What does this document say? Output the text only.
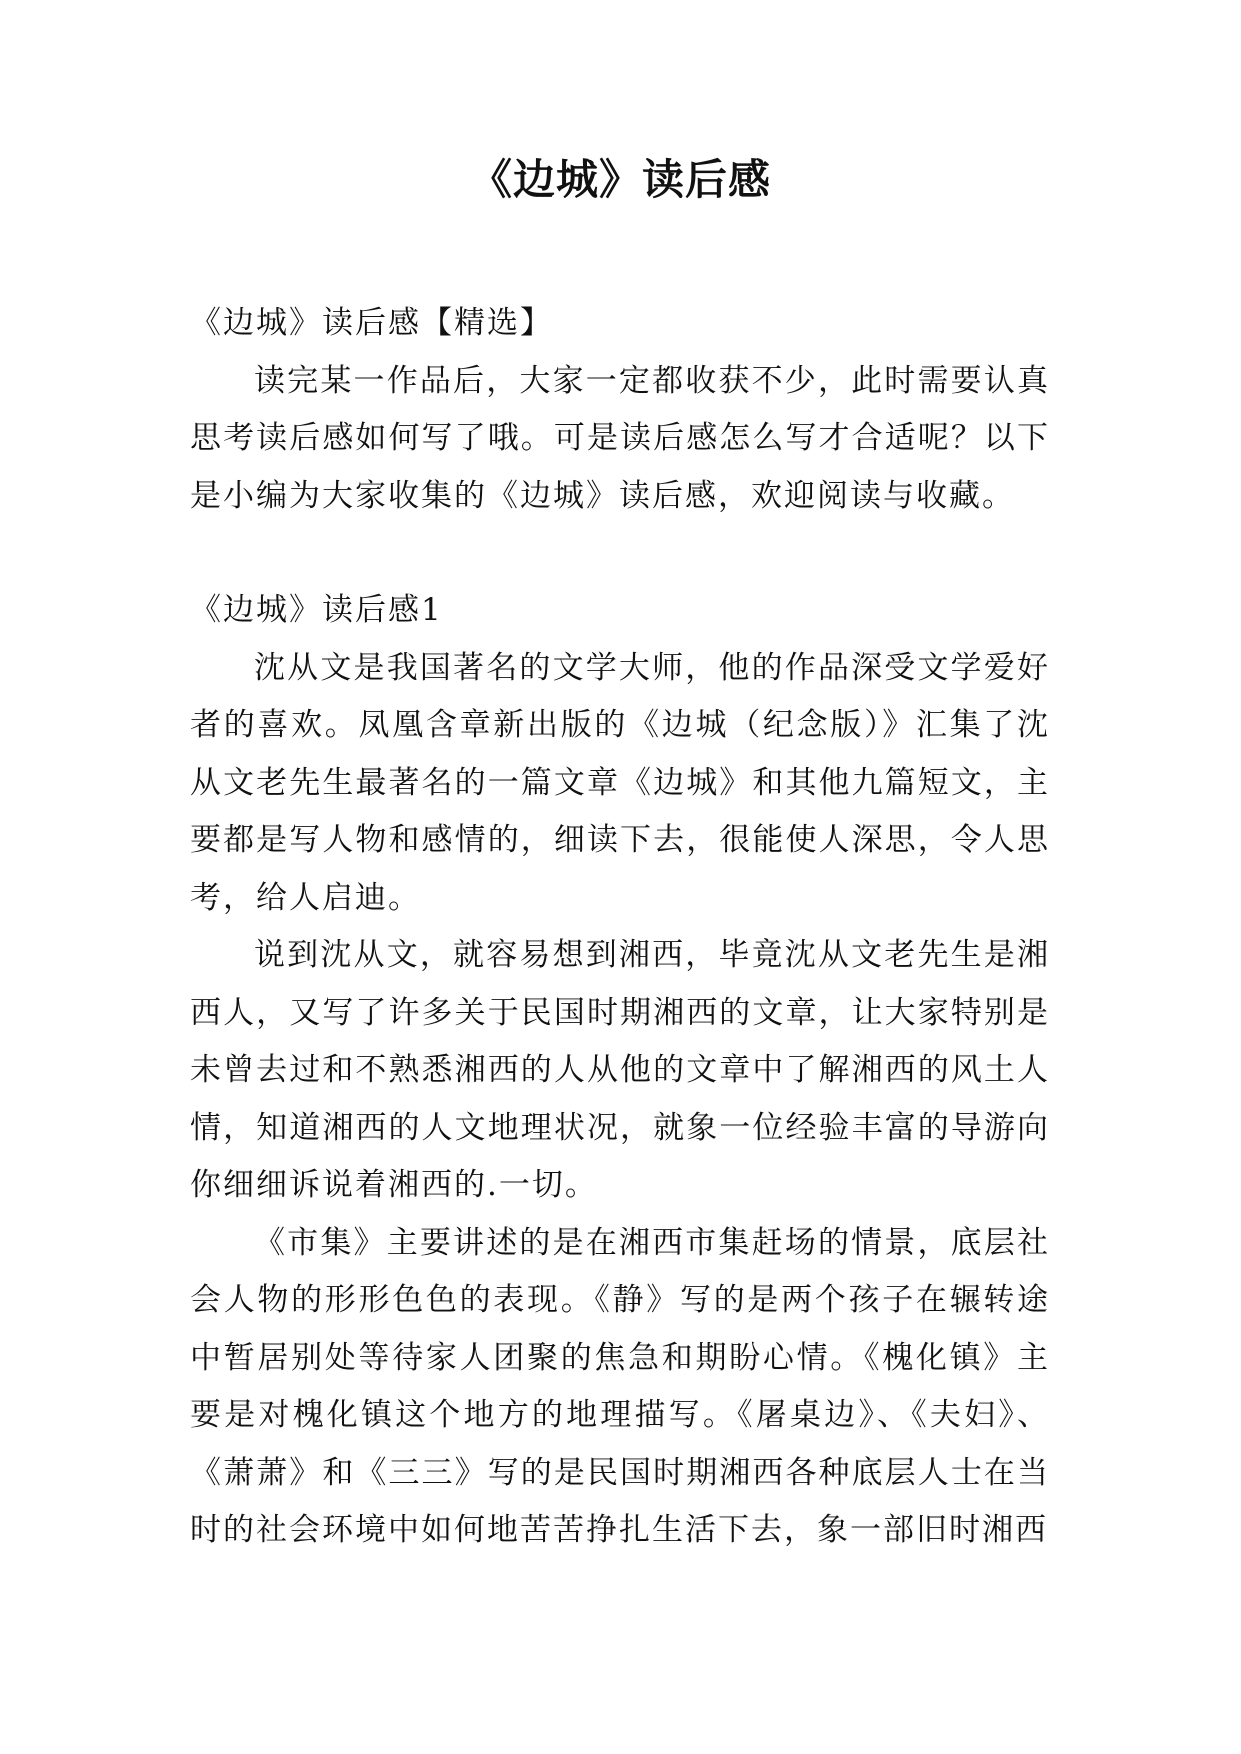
《边城》读后感

《边城》读后感【精选】

读完某一作品后，大家一定都收获不少，此时需要认真思考读后感如何写了哦。可是读后感怎么写才合适呢？以下是小编为大家收集的《边城》读后感，欢迎阅读与收藏。

《边城》读后感1

沈从文是我国著名的文学大师，他的作品深受文学爱好者的喜欢。凤凰含章新出版的《边城（纪念版）》汇集了沈从文老先生最著名的一篇文章《边城》和其他九篇短文，主要都是写人物和感情的，细读下去，很能使人深思，令人思考，给人启迪。

说到沈从文，就容易想到湘西，毕竟沈从文老先生是湘西人，又写了许多关于民国时期湘西的文章，让大家特别是未曾去过和不熟悉湘西的人从他的文章中了解湘西的风土人情，知道湘西的人文地理状况，就象一位经验丰富的导游向你细细诉说着湘西的.一切。

《市集》主要讲述的是在湘西市集赶场的情景，底层社会人物的形形色色的表现。《静》写的是两个孩子在辗转途中暂居别处等待家人团聚的焦急和期盼心情。《槐化镇》主要是对槐化镇这个地方的地理描写。《屠桌边》、《夫妇》、《萧萧》和《三三》写的是民国时期湘西各种底层人士在当时的社会环境中如何地苦苦挣扎生活下去，象一部旧时湘西
